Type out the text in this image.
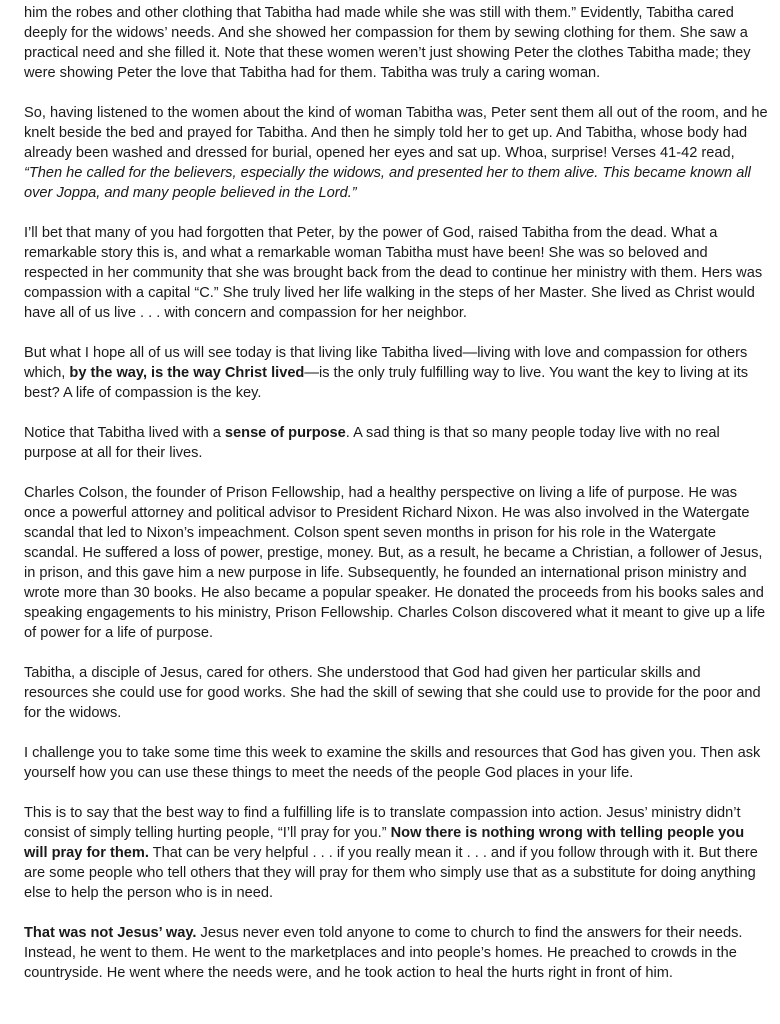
him the robes and other clothing that Tabitha had made while she was still with them.” Evidently, Tabitha cared deeply for the widows’ needs. And she showed her compassion for them by sewing clothing for them. She saw a practical need and she filled it. Note that these women weren’t just showing Peter the clothes Tabitha made; they were showing Peter the love that Tabitha had for them. Tabitha was truly a caring woman.

So, having listened to the women about the kind of woman Tabitha was, Peter sent them all out of the room, and he knelt beside the bed and prayed for Tabitha. And then he simply told her to get up. And Tabitha, whose body had already been washed and dressed for burial, opened her eyes and sat up. Whoa, surprise! Verses 41-42 read, “Then he called for the believers, especially the widows, and presented her to them alive. This became known all over Joppa, and many people believed in the Lord.”

I’ll bet that many of you had forgotten that Peter, by the power of God, raised Tabitha from the dead. What a remarkable story this is, and what a remarkable woman Tabitha must have been! She was so beloved and respected in her community that she was brought back from the dead to continue her ministry with them. Hers was compassion with a capital “C.” She truly lived her life walking in the steps of her Master. She lived as Christ would have all of us live . . . with concern and compassion for her neighbor.

But what I hope all of us will see today is that living like Tabitha lived—living with love and compassion for others which, by the way, is the way Christ lived—is the only truly fulfilling way to live. You want the key to living at its best? A life of compassion is the key.

Notice that Tabitha lived with a sense of purpose. A sad thing is that so many people today live with no real purpose at all for their lives.

Charles Colson, the founder of Prison Fellowship, had a healthy perspective on living a life of purpose. He was once a powerful attorney and political advisor to President Richard Nixon. He was also involved in the Watergate scandal that led to Nixon’s impeachment. Colson spent seven months in prison for his role in the Watergate scandal. He suffered a loss of power, prestige, money. But, as a result, he became a Christian, a follower of Jesus, in prison, and this gave him a new purpose in life. Subsequently, he founded an international prison ministry and wrote more than 30 books. He also became a popular speaker. He donated the proceeds from his books sales and speaking engagements to his ministry, Prison Fellowship. Charles Colson discovered what it meant to give up a life of power for a life of purpose.

Tabitha, a disciple of Jesus, cared for others. She understood that God had given her particular skills and resources she could use for good works. She had the skill of sewing that she could use to provide for the poor and for the widows.

I challenge you to take some time this week to examine the skills and resources that God has given you. Then ask yourself how you can use these things to meet the needs of the people God places in your life.

This is to say that the best way to find a fulfilling life is to translate compassion into action. Jesus’ ministry didn’t consist of simply telling hurting people, “I’ll pray for you.” Now there is nothing wrong with telling people you will pray for them. That can be very helpful . . . if you really mean it . . . and if you follow through with it. But there are some people who tell others that they will pray for them who simply use that as a substitute for doing anything else to help the person who is in need.

That was not Jesus’ way. Jesus never even told anyone to come to church to find the answers for their needs. Instead, he went to them. He went to the marketplaces and into people’s homes. He preached to crowds in the countryside. He went where the needs were, and he took action to heal the hurts right in front of him.
